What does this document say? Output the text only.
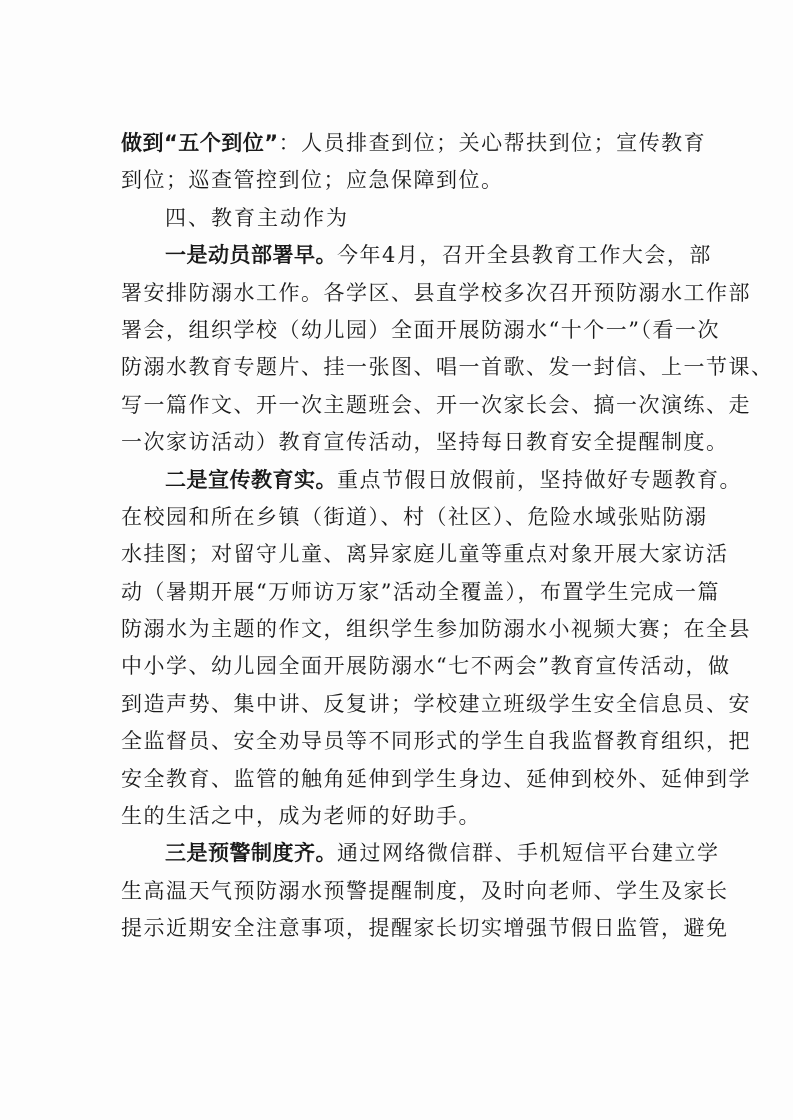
做到“五个到位”：人员排查到位；关心帮扶到位；宣传教育
到位；巡查管控到位；应急保障到位。
四、教育主动作为
一是动员部署早。今年4月，召开全县教育工作大会，部
署安排防溺水工作。各学区、县直学校多次召开预防溺水工作部
署会，组织学校（幼儿园）全面开展防溺水“十个一”（看一次
防溺水教育专题片、挂一张图、唱一首歌、发一封信、上一节课、
写一篇作文、开一次主题班会、开一次家长会、搞一次演练、走
一次家访活动）教育宣传活动，坚持每日教育安全提醒制度。
二是宣传教育实。重点节假日放假前，坚持做好专题教育。
在校园和所在乡镇（街道）、村（社区）、危险水域张贴防溺
水挂图；对留守儿童、离异家庭儿童等重点对象开展大家访活
动（暑期开展“万师访万家”活动全覆盖），布置学生完成一篇
防溺水为主题的作文，组织学生参加防溺水小视频大赛；在全县
中小学、幼儿园全面开展防溺水“七不两会”教育宣传活动，做
到造声势、集中讲、反复讲；学校建立班级学生安全信息员、安
全监督员、安全劝导员等不同形式的学生自我监督教育组织，把
安全教育、监管的触角延伸到学生身边、延伸到校外、延伸到学
生的生活之中，成为老师的好助手。
三是预警制度齐。通过网络微信群、手机短信平台建立学
生高温天气预防溺水预警提醒制度，及时向老师、学生及家长
提示近期安全注意事项，提醒家长切实增强节假日监管，避免
